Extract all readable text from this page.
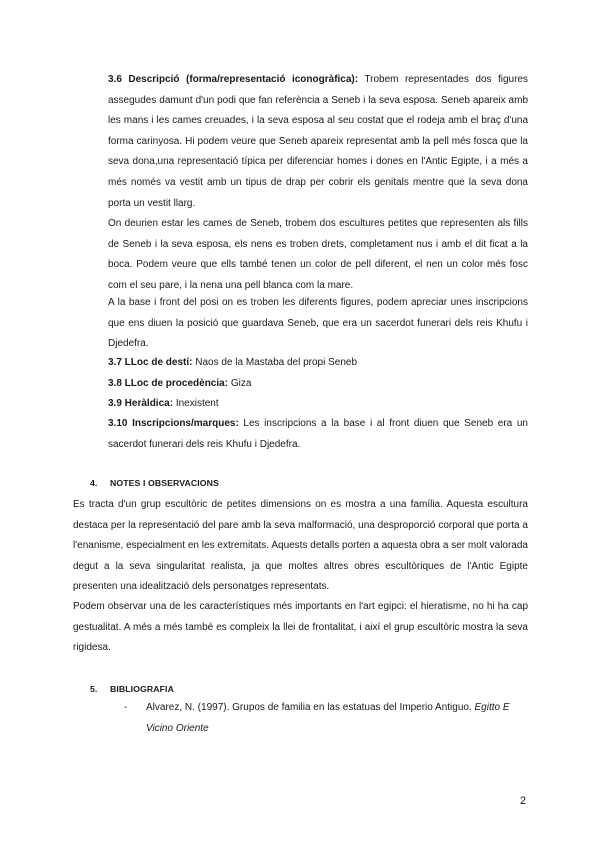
3.6 Descripció (forma/representació iconogràfica): Trobem representades dos figures assegudes damunt d'un podi que fan referència a Seneb i la seva esposa. Seneb apareix amb les mans i les cames creuades, i la seva esposa al seu costat que el rodeja amb el braç d'una forma carinyosa. Hi podem veure que Seneb apareix representat amb la pell més fosca que la seva dona,una representació típica per diferenciar homes i dones en l'Antic Egipte, i a més a més només va vestit amb un tipus de drap per cobrir els genitals mentre que la seva dona porta un vestit llarg.

On deurien estar les cames de Seneb, trobem dos escultures petites que representen als fills de Seneb i la seva esposa, els nens es troben drets, completament nus i amb el dit ficat a la boca. Podem veure que ells també tenen un color de pell diferent, el nen un color més fosc com el seu pare, i la nena una pell blanca com la mare.

A la base i front del posi on es troben les diferents figures, podem apreciar unes inscripcions que ens diuen la posició que guardava Seneb, que era un sacerdot funerari dels reis Khufu i Djedefra.

3.7 LLoc de destí: Naos de la Mastaba del propi Seneb

3.8 LLoc de procedència: Giza

3.9 Heràldica: Inexistent

3.10 Inscripcions/marques: Les inscripcions a la base i al front diuen que Seneb era un sacerdot funerari dels reis Khufu i Djedefra.

4. NOTES I OBSERVACIONS

Es tracta d'un grup escultòric de petites dimensions on es mostra a una família. Aquesta escultura destaca per la representació del pare amb la seva malformació, una desproporció corporal que porta a l'enanisme, especialment en les extremitats. Aquests detalls porten a aquesta obra a ser molt valorada degut a la seva singularitat realista, ja que moltes altres obres escultòriques de l'Antic Egipte presenten una idealització dels personatges representats.

Podem observar una de les característiques més importants en l'art egipci: el hieratisme, no hi ha cap gestualitat. A més a més també es compleix la llei de frontalitat, i així el grup escultòric mostra la seva rigidesa.

5. BIBLIOGRAFIA
- Alvarez, N. (1997). Grupos de familia en las estatuas del Imperio Antiguo. Egitto E Vicino Oriente

2
